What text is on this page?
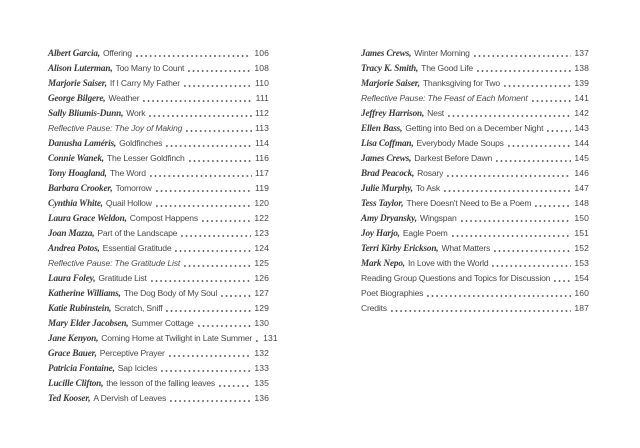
Albert Garcia, Offering	106
Alison Luterman, Too Many to Count	108
Marjorie Saiser, If I Carry My Father	110
George Bilgere, Weather	111
Sally Bliumis-Dunn, Work	112
Reflective Pause: The Joy of Making	113
Danusha Laméris, Goldfinches	114
Connie Wanek, The Lesser Goldfinch	116
Tony Hoagland, The Word	117
Barbara Crooker, Tomorrow	119
Cynthia White, Quail Hollow	120
Laura Grace Weldon, Compost Happens	122
Joan Mazza, Part of the Landscape	123
Andrea Potos, Essential Gratitude	124
Reflective Pause: The Gratitude List	125
Laura Foley, Gratitude List	126
Katherine Williams, The Dog Body of My Soul	127
Katie Rubinstein, Scratch, Sniff	129
Mary Elder Jacobsen, Summer Cottage	130
Jane Kenyon, Coming Home at Twilight in Late Summer 131
Grace Bauer, Perceptive Prayer	132
Patricia Fontaine, Sap Icicles	133
Lucille Clifton, the lesson of the falling leaves	135
Ted Kooser, A Dervish of Leaves	136
James Crews, Winter Morning	137
Tracy K. Smith, The Good Life	138
Marjorie Saiser, Thanksgiving for Two	139
Reflective Pause: The Feast of Each Moment	141
Jeffrey Harrison, Nest	142
Ellen Bass, Getting into Bed on a December Night	143
Lisa Coffman, Everybody Made Soups	144
James Crews, Darkest Before Dawn	145
Brad Peacock, Rosary	146
Julie Murphy, To Ask	147
Tess Taylor, There Doesn't Need to Be a Poem	148
Amy Dryansky, Wingspan	150
Joy Harjo, Eagle Poem	151
Terri Kirby Erickson, What Matters	152
Mark Nepo, In Love with the World	153
Reading Group Questions and Topics for Discussion	154
Poet Biographies	160
Credits	187
